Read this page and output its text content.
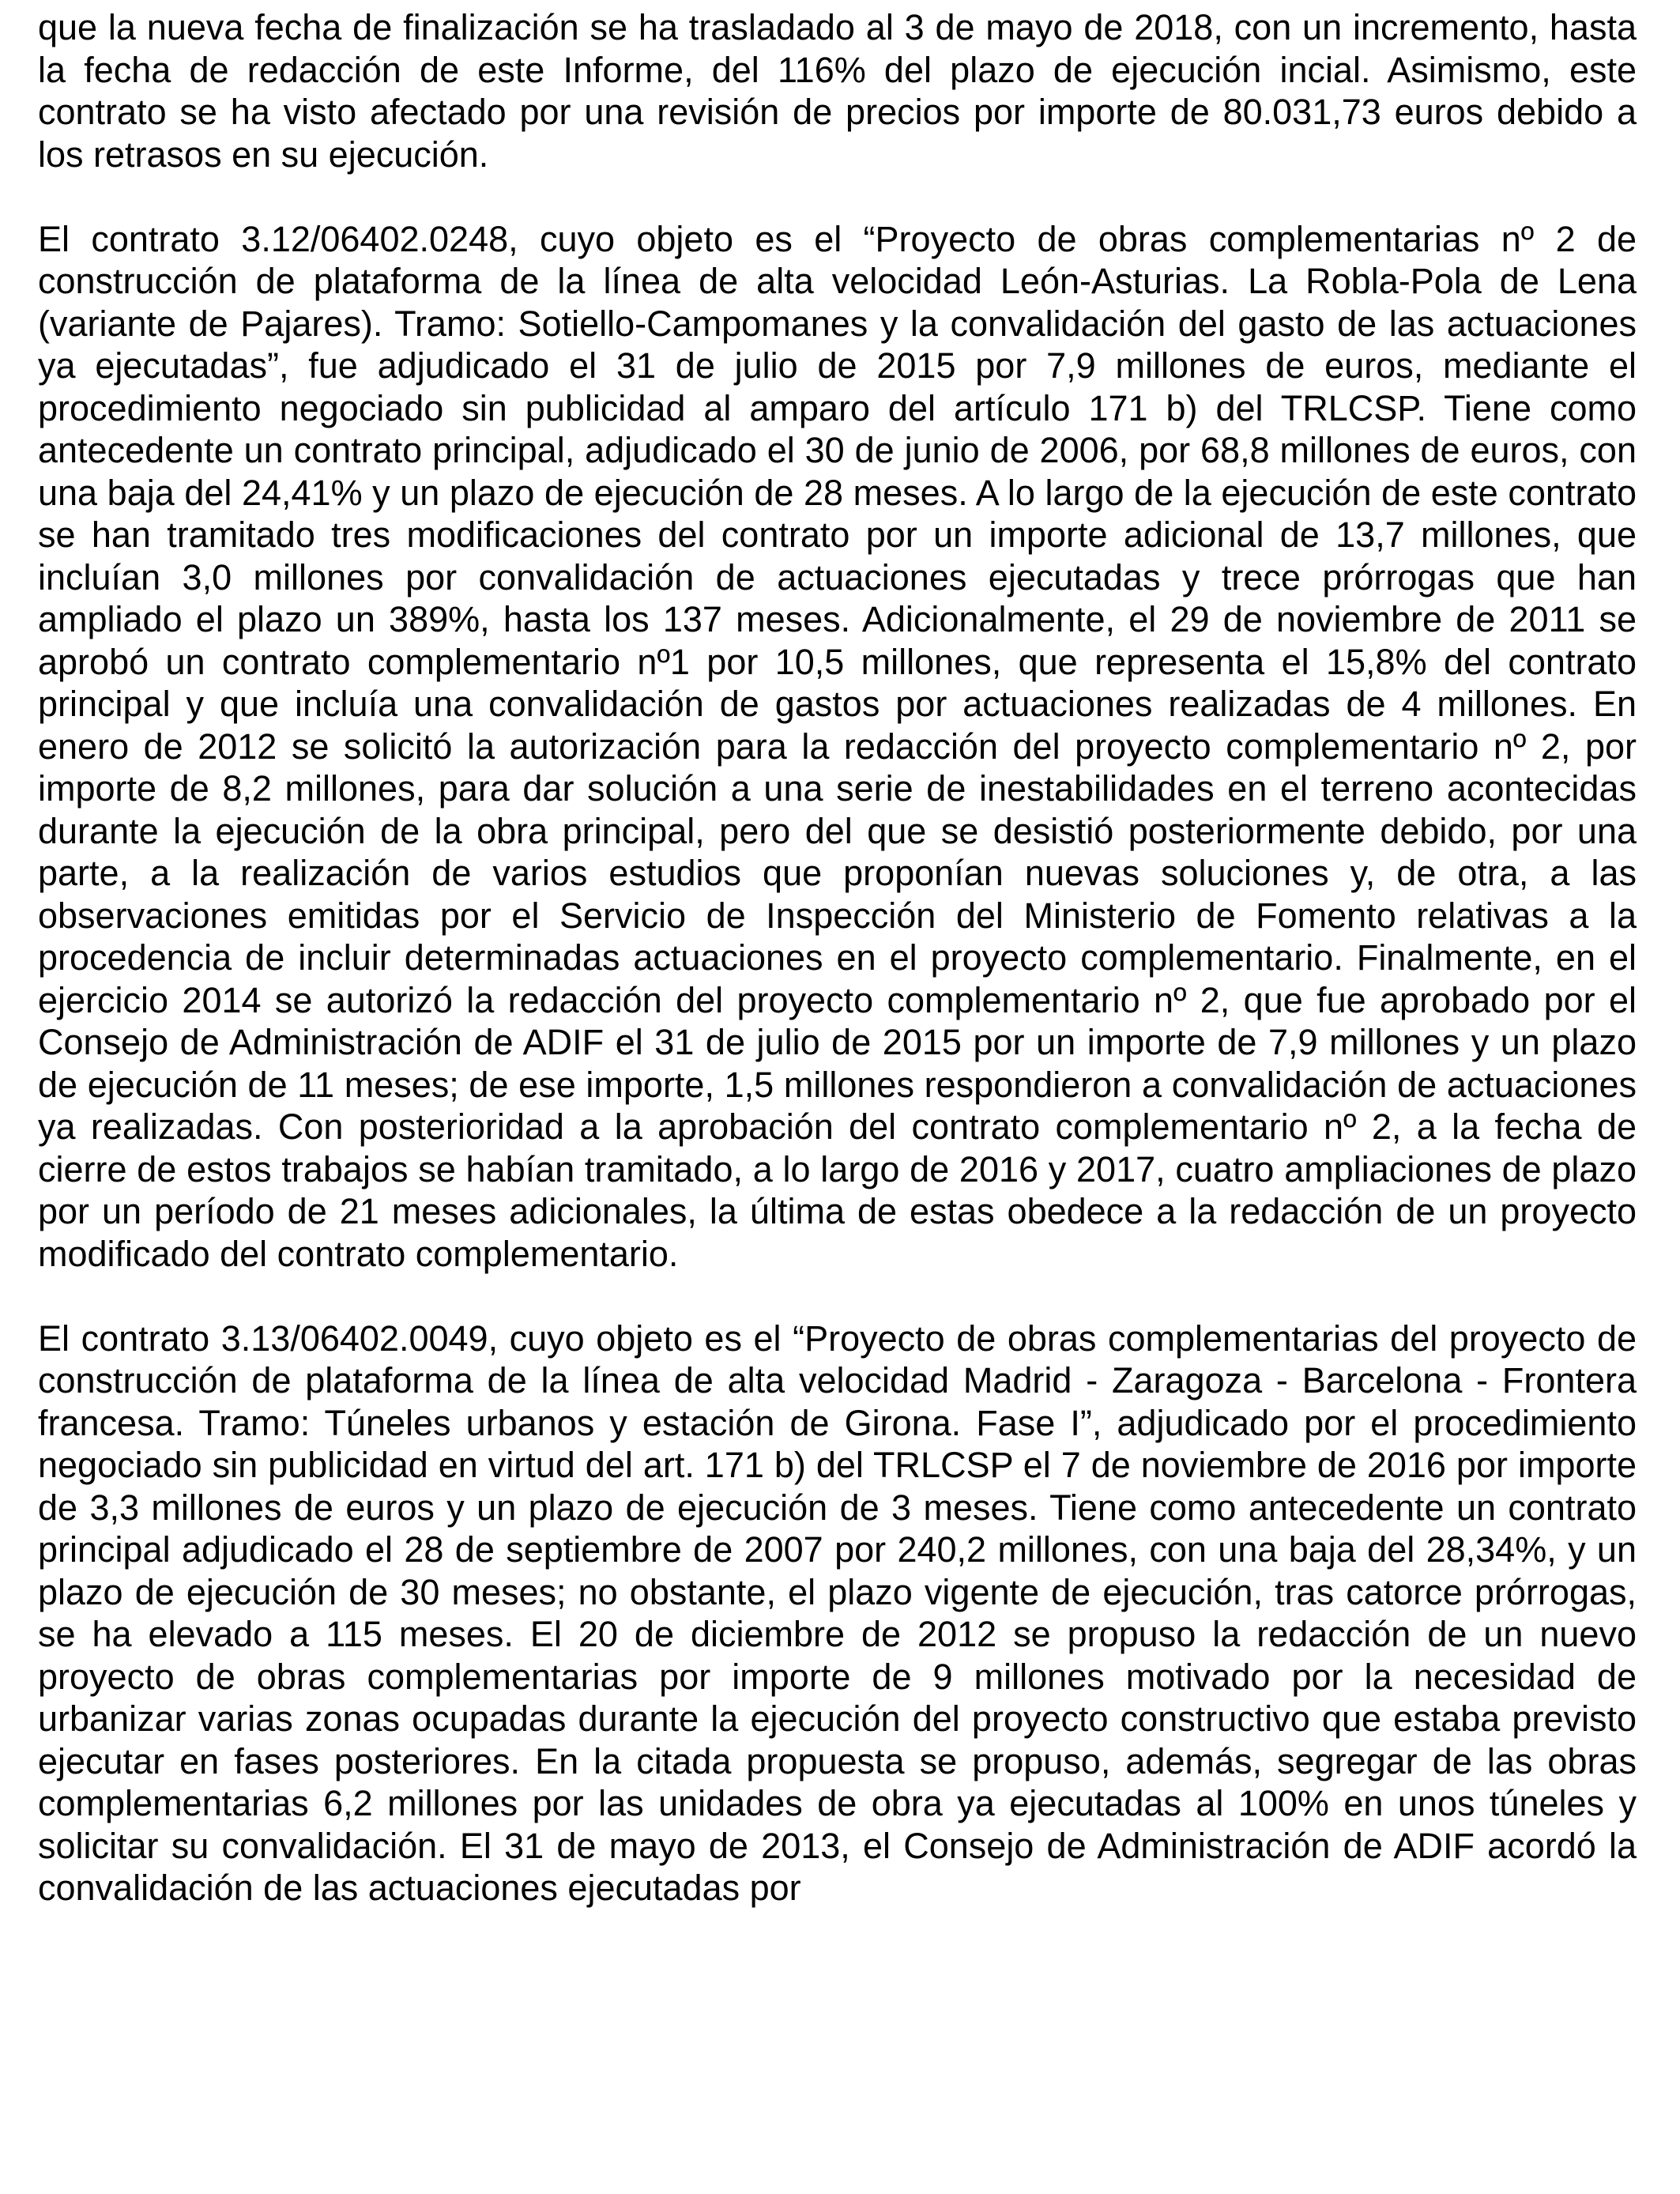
que la nueva fecha de finalización se ha trasladado al 3 de mayo de 2018, con un incremento, hasta la fecha de redacción de este Informe, del 116% del plazo de ejecución incial. Asimismo, este contrato se ha visto afectado por una revisión de precios por importe de 80.031,73 euros debido a los retrasos en su ejecución.

El contrato 3.12/06402.0248, cuyo objeto es el “Proyecto de obras complementarias nº 2 de construcción de plataforma de la línea de alta velocidad León-Asturias. La Robla-Pola de Lena (variante de Pajares). Tramo: Sotiello-Campomanes y la convalidación del gasto de las actuaciones ya ejecutadas”, fue adjudicado el 31 de julio de 2015 por 7,9 millones de euros, mediante el procedimiento negociado sin publicidad al amparo del artículo 171 b) del TRLCSP. Tiene como antecedente un contrato principal, adjudicado el 30 de junio de 2006, por 68,8 millones de euros, con una baja del 24,41% y un plazo de ejecución de 28 meses. A lo largo de la ejecución de este contrato se han tramitado tres modificaciones del contrato por un importe adicional de 13,7 millones, que incluían 3,0 millones por convalidación de actuaciones ejecutadas y trece prórrogas que han ampliado el plazo un 389%, hasta los 137 meses. Adicionalmente, el 29 de noviembre de 2011 se aprobó un contrato complementario nº1 por 10,5 millones, que representa el 15,8% del contrato principal y que incluía una convalidación de gastos por actuaciones realizadas de 4 millones. En enero de 2012 se solicitó la autorización para la redacción del proyecto complementario nº 2, por importe de 8,2 millones, para dar solución a una serie de inestabilidades en el terreno acontecidas durante la ejecución de la obra principal, pero del que se desistió posteriormente debido, por una parte, a la realización de varios estudios que proponían nuevas soluciones y, de otra, a las observaciones emitidas por el Servicio de Inspección del Ministerio de Fomento relativas a la procedencia de incluir determinadas actuaciones en el proyecto complementario. Finalmente, en el ejercicio 2014 se autorizó la redacción del proyecto complementario nº 2, que fue aprobado por el Consejo de Administración de ADIF el 31 de julio de 2015 por un importe de 7,9 millones y un plazo de ejecución de 11 meses; de ese importe, 1,5 millones respondieron a convalidación de actuaciones ya realizadas. Con posterioridad a la aprobación del contrato complementario nº 2, a la fecha de cierre de estos trabajos se habían tramitado, a lo largo de 2016 y 2017, cuatro ampliaciones de plazo por un período de 21 meses adicionales, la última de estas obedece a la redacción de un proyecto modificado del contrato complementario.

El contrato 3.13/06402.0049, cuyo objeto es el “Proyecto de obras complementarias del proyecto de construcción de plataforma de la línea de alta velocidad Madrid - Zaragoza - Barcelona - Frontera francesa. Tramo: Túneles urbanos y estación de Girona. Fase I”, adjudicado por el procedimiento negociado sin publicidad en virtud del art. 171 b) del TRLCSP el 7 de noviembre de 2016 por importe de 3,3 millones de euros y un plazo de ejecución de 3 meses. Tiene como antecedente un contrato principal adjudicado el 28 de septiembre de 2007 por 240,2 millones, con una baja del 28,34%, y un plazo de ejecución de 30 meses; no obstante, el plazo vigente de ejecución, tras catorce prórrogas, se ha elevado a 115 meses. El 20 de diciembre de 2012 se propuso la redacción de un nuevo proyecto de obras complementarias por importe de 9 millones motivado por la necesidad de urbanizar varias zonas ocupadas durante la ejecución del proyecto constructivo que estaba previsto ejecutar en fases posteriores. En la citada propuesta se propuso, además, segregar de las obras complementarias 6,2 millones por las unidades de obra ya ejecutadas al 100% en unos túneles y solicitar su convalidación. El 31 de mayo de 2013, el Consejo de Administración de ADIF acordó la convalidación de las actuaciones ejecutadas por
